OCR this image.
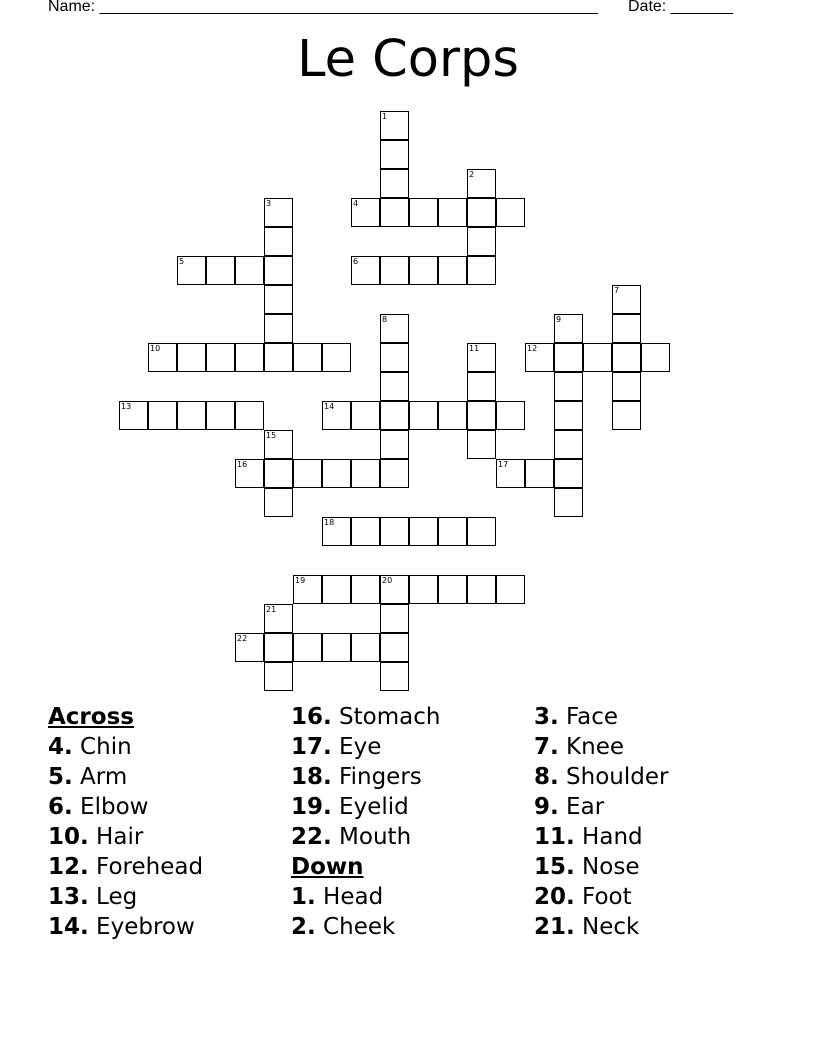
Name: ________________________________________________________ Date: _______
Le Corps
1
2
3	4
5	6
7
8	9
10	11	12
13	14
15
16	17
18
19	20
21
22
Across
4. Chin
5. Arm
6. Elbow
10. Hair
12. Forehead
13. Leg
14. Eyebrow
16. Stomach
17. Eye
18. Fingers
19. Eyelid
22. Mouth
Down
1. Head
2. Cheek
3. Face
7. Knee
8. Shoulder
9. Ear
11. Hand
15. Nose
20. Foot
21. Neck
